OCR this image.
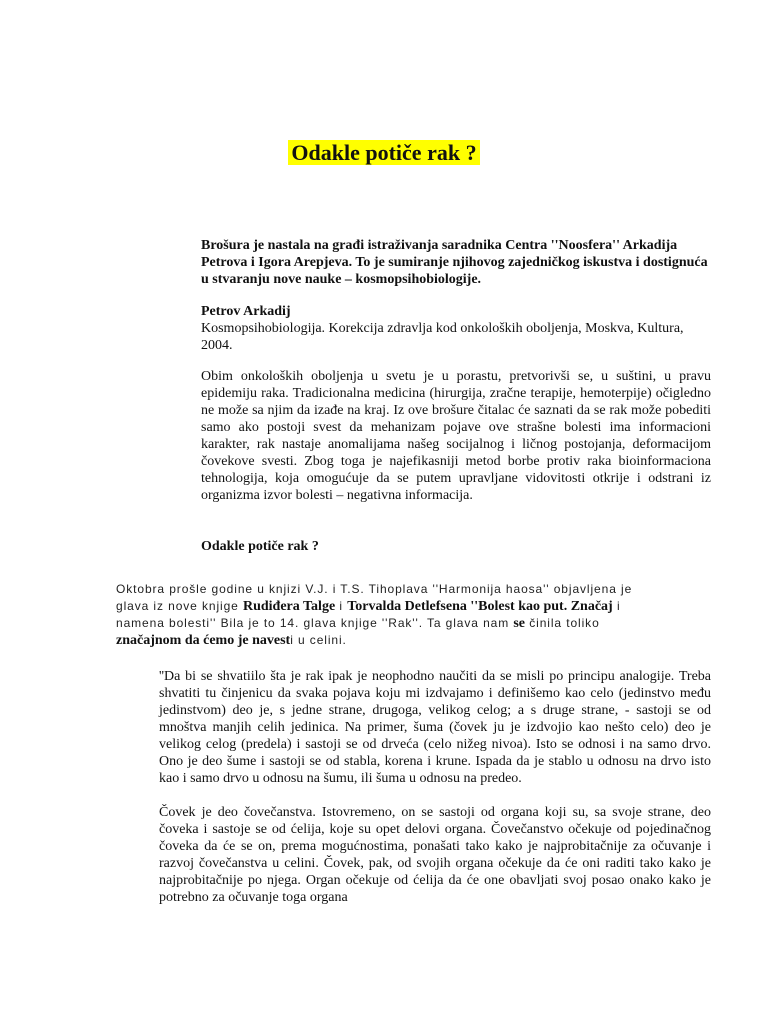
Odakle potiče rak ?

Brošura je nastala na građi istraživanja saradnika Centra ''Noosfera'' Arkadija Petrova i Igora Arepjeva. To je sumiranje njihovog zajedničkog iskustva i dostignuća u stvaranju nove nauke – kosmopsihobiologije.

Petrov Arkadij

Kosmopsihobiologija. Korekcija zdravlja kod onkoloških oboljenja, Moskva, Kultura, 2004.

Obim onkoloških oboljenja u svetu je u porastu, pretvorivši se, u suštini, u pravu epidemiju raka. Tradicionalna medicina (hirurgija, zračne terapije, hemoterpije) očigledno ne može sa njim da izađe na kraj. Iz ove brošure čitalac će saznati da se rak može pobediti samo ako postoji svest da mehanizam pojave ove strašne bolesti ima informacioni karakter, rak nastaje anomalijama našeg socijalnog i ličnog postojanja, deformacijom čovekove svesti. Zbog toga je najefikasniji metod borbe protiv raka bioinformaciona tehnologija, koja omogućuje da se putem upravljane vidovitosti otkrije i odstrani iz organizma izvor bolesti – negativna informacija.

Odakle potiče rak ?

Oktobra prošle godine u knjizi V.J. i T.S. Tihoplava ''Harmonija haosa'' objavljena je glava iz nove knjige Rudiđera Talge i Torvalda Detlefsena ''Bolest kao put. Značaj i namena bolesti'' Bila je to 14. glava knjige ''Rak''. Ta glava nam se činila toliko
značajnom da ćemo je navesti u celini.

''Da bi se shvatiilo šta je rak ipak je neophodno naučiti da se misli po principu analogije. Treba shvatiti tu činjenicu da svaka pojava koju mi izdvajamo i definišemo kao celo (jedinstvo među jedinstvom) deo je, s jedne strane, drugoga, velikog celog; a s druge strane, - sastoji se od mnoštva manjih celih jedinica. Na primer, šuma (čovek ju je izdvojio kao nešto celo) deo je velikog celog (predela) i sastoji se od drveća (celo nižeg nivoa). Isto se odnosi i na samo drvo. Ono je deo šume i sastoji se od stabla, korena i krune. Ispada da je stablo u odnosu na drvo isto kao i samo drvo u odnosu na šumu, ili šuma u odnosu na predeo.

Čovek je deo čovečanstva. Istovremeno, on se sastoji od organa koji su, sa svoje strane, deo čoveka i sastoje se od ćelija, koje su opet delovi organa. Čovečanstvo očekuje od pojedinačnog čoveka da će se on, prema mogućnostima, ponašati tako kako je najprobitačnije za očuvanje i razvoj čovečanstva u celini. Čovek, pak, od svojih organa očekuje da će oni raditi tako kako je najprobitačnije po njega. Organ očekuje od ćelija da će one obavljati svoj posao onako kako je potrebno za očuvanje toga organa
